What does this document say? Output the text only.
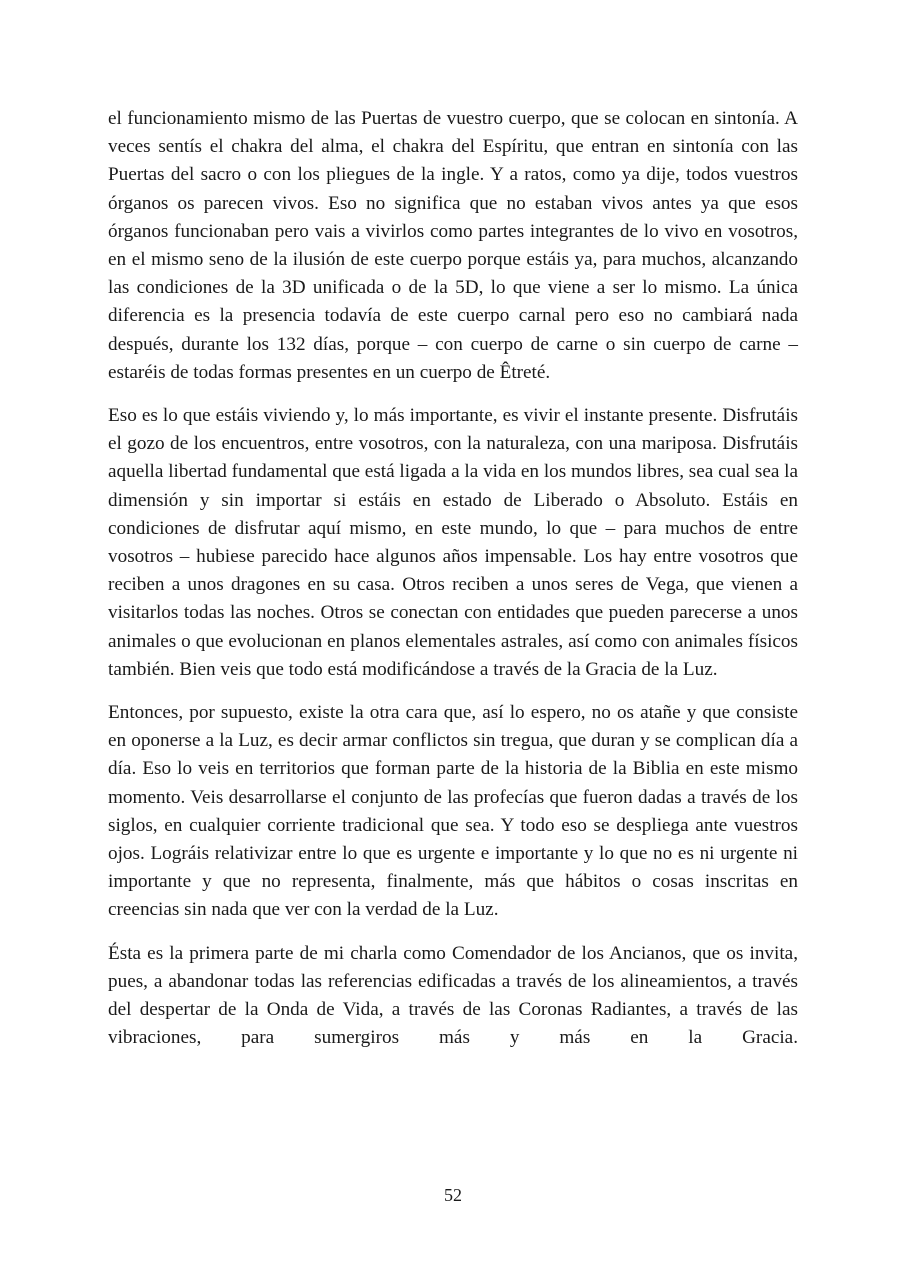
el funcionamiento mismo de las Puertas de vuestro cuerpo, que se colocan en sintonía. A veces sentís el chakra del alma, el chakra del Espíritu, que entran en sintonía con las Puertas del sacro o con los pliegues de la ingle. Y a ratos, como ya dije, todos vuestros órganos os parecen vivos. Eso no significa que no estaban vivos antes ya que esos órganos funcionaban pero vais a vivirlos como partes integrantes de lo vivo en vosotros, en el mismo seno de la ilusión de este cuerpo porque estáis ya, para muchos, alcanzando las condiciones de la 3D unificada o de la 5D, lo que viene a ser lo mismo. La única diferencia es la presencia todavía de este cuerpo carnal pero eso no cambiará nada después, durante los 132 días, porque – con cuerpo de carne o sin cuerpo de carne – estaréis de todas formas presentes en un cuerpo de Êtreté.

Eso es lo que estáis viviendo y, lo más importante, es vivir el instante presente. Disfrutáis el gozo de los encuentros, entre vosotros, con la naturaleza, con una mariposa. Disfrutáis aquella libertad fundamental que está ligada a la vida en los mundos libres, sea cual sea la dimensión y sin importar si estáis en estado de Liberado o Absoluto. Estáis en condiciones de disfrutar aquí mismo, en este mundo, lo que – para muchos de entre vosotros – hubiese parecido hace algunos años impensable. Los hay entre vosotros que reciben a unos dragones en su casa. Otros reciben a unos seres de Vega, que vienen a visitarlos todas las noches. Otros se conectan con entidades que pueden parecerse a unos animales o que evolucionan en planos elementales astrales, así como con animales físicos también. Bien veis que todo está modificándose a través de la Gracia de la Luz.

Entonces, por supuesto, existe la otra cara que, así lo espero, no os atañe y que consiste en oponerse a la Luz, es decir armar conflictos sin tregua, que duran y se complican día a día. Eso lo veis en territorios que forman parte de la historia de la Biblia en este mismo momento. Veis desarrollarse el conjunto de las profecías que fueron dadas a través de los siglos, en cualquier corriente tradicional que sea. Y todo eso se despliega ante vuestros ojos. Lográis relativizar entre lo que es urgente e importante y lo que no es ni urgente ni importante y que no representa, finalmente, más que hábitos o cosas inscritas en creencias sin nada que ver con la verdad de la Luz.

Ésta es la primera parte de mi charla como Comendador de los Ancianos, que os invita, pues, a abandonar todas las referencias edificadas a través de los alineamientos, a través del despertar de la Onda de Vida, a través de las Coronas Radiantes, a través de las vibraciones, para sumergiros más y más en la Gracia.

52
